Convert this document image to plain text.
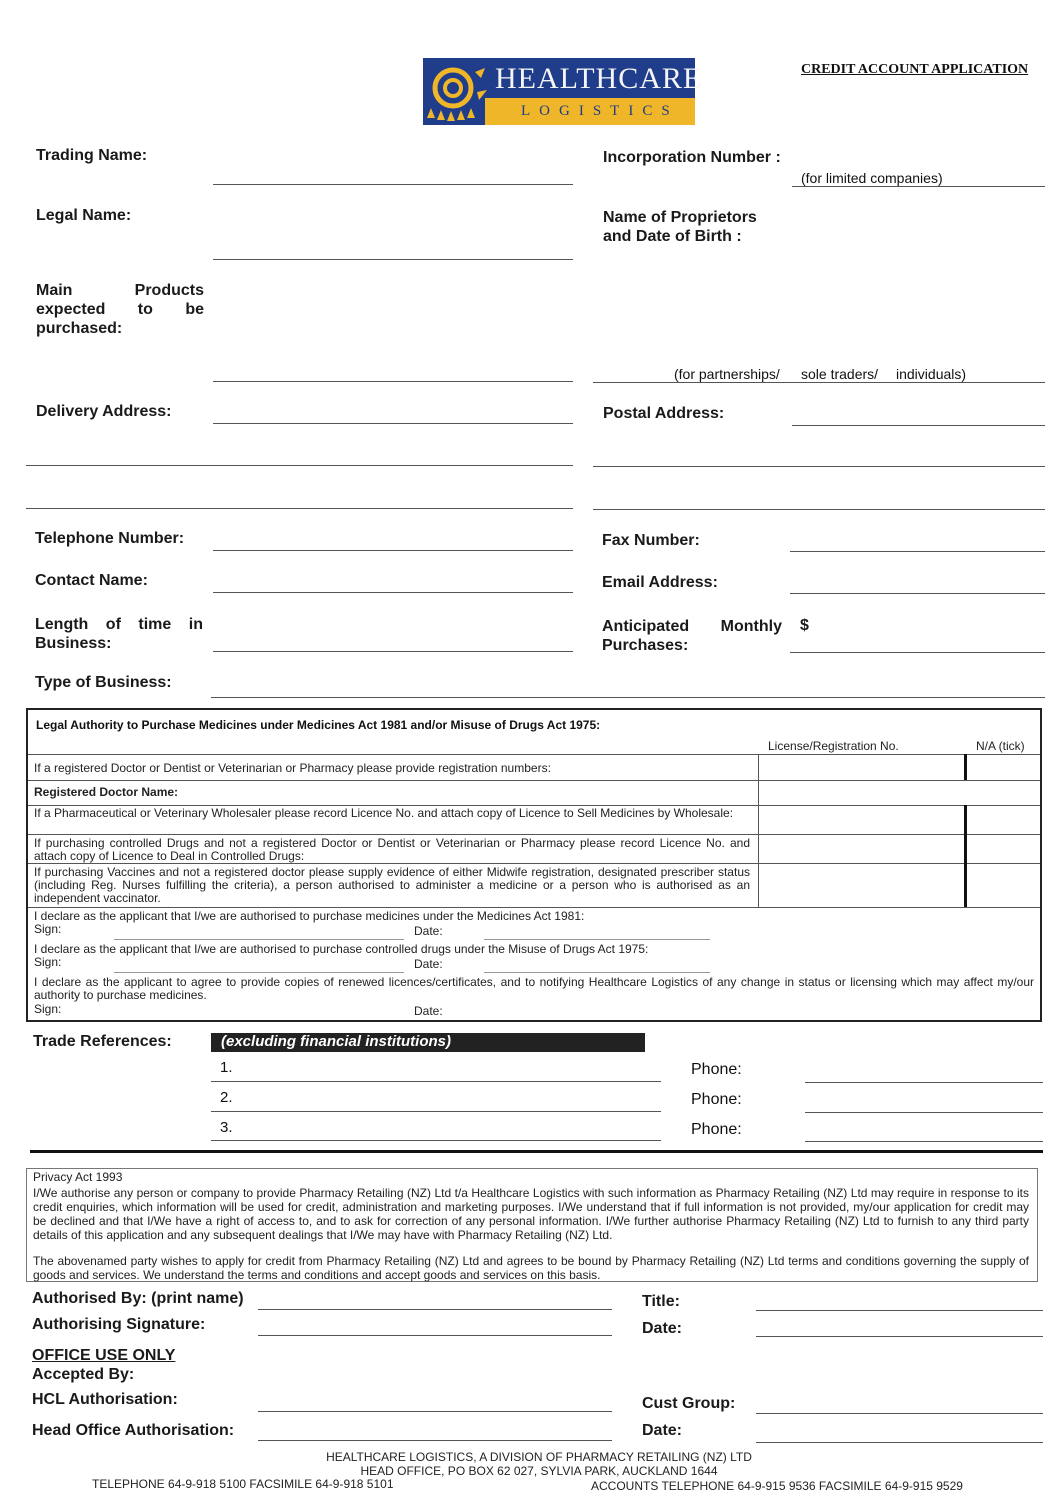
HEALTHCARE
LOGISTICS
CREDIT ACCOUNT APPLICATION
Trading Name:	Incorporation Number :
(for limited companies)
Legal Name:	Name of Proprietors
and Date of Birth :
Main	Products
expected to be
purchased:
(for partnerships/ sole traders/ individuals)
Delivery Address:	Postal Address:
Telephone Number:	Fax Number:
Contact Name:	Email Address:
Length of time in
Business:
Anticipated Monthly
Purchases:
$
Type of Business:
Legal Authority to Purchase Medicines under Medicines Act 1981 and/or Misuse of Drugs Act 1975:
License/Registration No.	N/A (tick)
If a registered Doctor or Dentist or Veterinarian or Pharmacy please provide registration numbers:
Registered Doctor Name:
If a Pharmaceutical or Veterinary Wholesaler please record Licence No. and attach copy of Licence to Sell Medicines by Wholesale:
If purchasing controlled Drugs and not a registered Doctor or Dentist or Veterinarian or Pharmacy please record Licence No. and attach copy of Licence to Deal in Controlled Drugs:
If purchasing Vaccines and not a registered doctor please supply evidence of either Midwife registration, designated prescriber status (including Reg. Nurses fulfilling the criteria), a person authorised to administer a medicine or a person who is authorised as an independent vaccinator.
I declare as the applicant that I/we are authorised to purchase medicines under the Medicines Act 1981:
Sign:	Date:
I declare as the applicant that I/we are authorised to purchase controlled drugs under the Misuse of Drugs Act 1975:
Sign:	Date:
I declare as the applicant to agree to provide copies of renewed licences/certificates, and to notifying Healthcare Logistics of any change in status or licensing which may affect my/our authority to purchase medicines.
Sign:	Date:
Trade References:	(excluding financial institutions)
1.	Phone:
2.	Phone:
3.	Phone:
Privacy Act 1993
I/We authorise any person or company to provide Pharmacy Retailing (NZ) Ltd t/a Healthcare Logistics with such information as Pharmacy Retailing (NZ) Ltd may require in response to its credit enquiries, which information will be used for credit, administration and marketing purposes. I/We understand that if full information is not provided, my/our application for credit may be declined and that I/We have a right of access to, and to ask for correction of any personal information. I/We further authorise Pharmacy Retailing (NZ) Ltd to furnish to any third party details of this application and any subsequent dealings that I/We may have with Pharmacy Retailing (NZ) Ltd.
The abovenamed party wishes to apply for credit from Pharmacy Retailing (NZ) Ltd and agrees to be bound by Pharmacy Retailing (NZ) Ltd terms and conditions governing the supply of goods and services. We understand the terms and conditions and accept goods and services on this basis.
Authorised By: (print name)	Title:
Authorising Signature:	Date:
OFFICE USE ONLY
Accepted By:
HCL Authorisation:	Cust Group:
Head Office Authorisation:	Date:
HEALTHCARE LOGISTICS, A DIVISION OF PHARMACY RETAILING (NZ) LTD
HEAD OFFICE, PO BOX 62 027, SYLVIA PARK, AUCKLAND 1644
TELEPHONE 64-9-918 5100 FACSIMILE 64-9-918 5101	ACCOUNTS TELEPHONE 64-9-915 9536 FACSIMILE 64-9-915 9529
